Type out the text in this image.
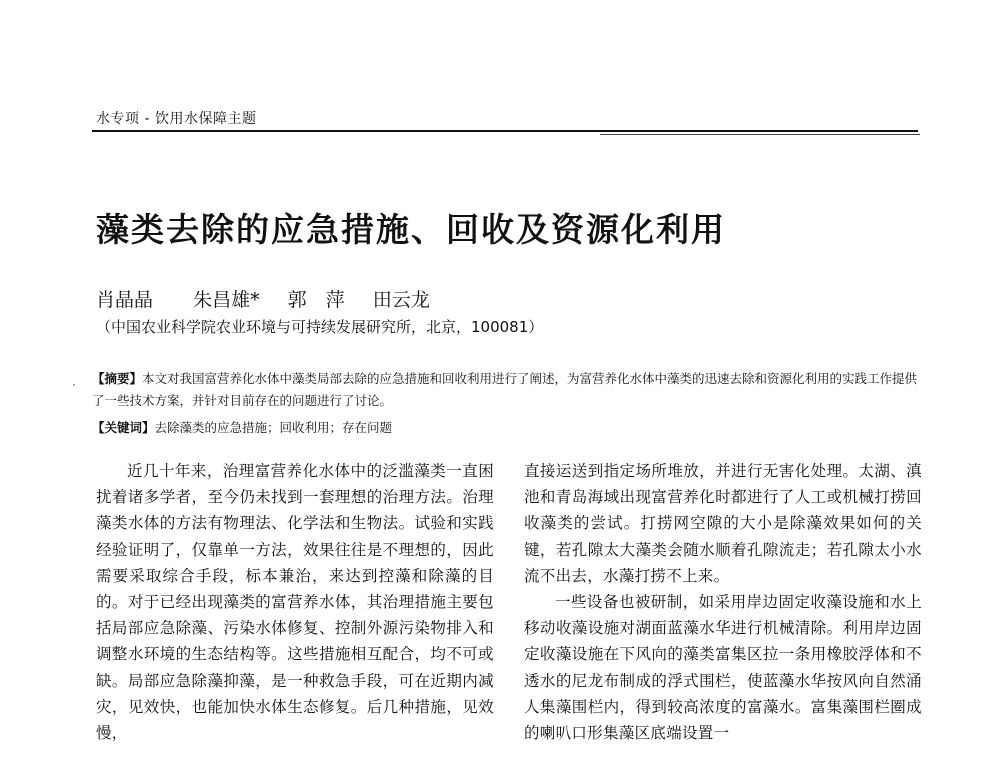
水专项 - 饮用水保障主题
藻类去除的应急措施、回收及资源化利用
肖晶晶 朱昌雄* 郭　萍 田云龙
（中国农业科学院农业环境与可持续发展研究所，北京，100081）
· 【摘要】本文对我国富营养化水体中藻类局部去除的应急措施和回收利用进行了阐述，为富营养化水体中藻类的迅速去除和资源化利用的实践工作提供了一些技术方案，并针对目前存在的问题进行了讨论。
【关键词】去除藻类的应急措施；回收利用；存在问题

近几十年来，治理富营养化水体中的泛滥藻类一直困扰着诸多学者，至今仍未找到一套理想的治理方法。治理藻类水体的方法有物理法、化学法和生物法。试验和实践经验证明了，仅靠单一方法，效果往往是不理想的，因此需要采取综合手段，标本兼治，来达到控藻和除藻的目的。对于已经出现藻类的富营养水体，其治理措施主要包括局部应急除藻、污染水体修复、控制外源污染物排入和调整水环境的生态结构等。这些措施相互配合，均不可或缺。局部应急除藻抑藻，是一种救急手段，可在近期内减灾，见效快，也能加快水体生态修复。后几种措施，见效慢，

直接运送到指定场所堆放，并进行无害化处理。太湖、滇池和青岛海域出现富营养化时都进行了人工或机械打捞回收藻类的尝试。打捞网空隙的大小是除藻效果如何的关键，若孔隙太大藻类会随水顺着孔隙流走；若孔隙太小水流不出去，水藻打捞不上来。

一些设备也被研制，如采用岸边固定收藻设施和水上移动收藻设施对湖面蓝藻水华进行机械清除。利用岸边固定收藻设施在下风向的藻类富集区拉一条用橡胶浮体和不透水的尼龙布制成的浮式围栏，使蓝藻水华按风向自然涌人集藻围栏内，得到较高浓度的富藻水。富集藻围栏圈成的喇叭口形集藻区底端设置一
